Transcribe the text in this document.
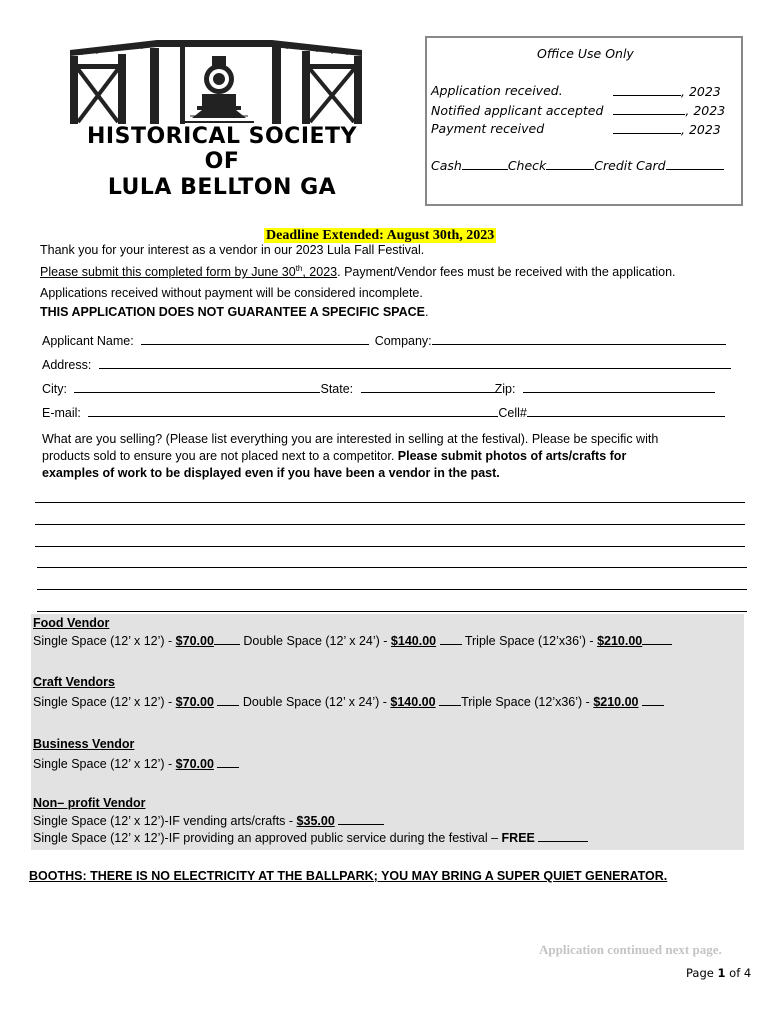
HISTORICAL SOCIETY
OF
LULA BELLTON GA
Office Use Only
Application received.	, 2023
Notified applicant accepted	, 2023
Payment received	, 2023
Cash	Check	Credit Card
Deadline Extended: August 30th, 2023
Thank you for your interest as a vendor in our 2023 Lula Fall Festival.
Please submit this completed form by June 30th, 2023. Payment/Vendor fees must be received with the application.
Applications received without payment will be considered incomplete.
THIS APPLICATION DOES NOT GUARANTEE A SPECIFIC SPACE.
Applicant Name:	Company:
Address:
City:	State:	Zip:
E-mail:	Cell#
What are you selling? (Please list everything you are interested in selling at the festival). Please be specific with
products sold to ensure you are not placed next to a competitor. Please submit photos of arts/crafts for
examples of work to be displayed even if you have been a vendor in the past.
Food Vendor
Single Space (12’ x 12’) - $70.00 Double Space (12’ x 24’) - $140.00 Triple Space (12’x36’) - $210.00
Craft Vendors
Single Space (12’ x 12’) - $70.00 Double Space (12’ x 24’) - $140.00 Triple Space (12’x36’) - $210.00
Business Vendor
Single Space (12’ x 12’) - $70.00
Non– profit Vendor
Single Space (12’ x 12’)-IF vending arts/crafts - $35.00
Single Space (12’ x 12’)-IF providing an approved public service during the festival – FREE
BOOTHS: THERE IS NO ELECTRICITY AT THE BALLPARK; YOU MAY BRING A SUPER QUIET GENERATOR.
Application continued next page.
Page 1 of 4
